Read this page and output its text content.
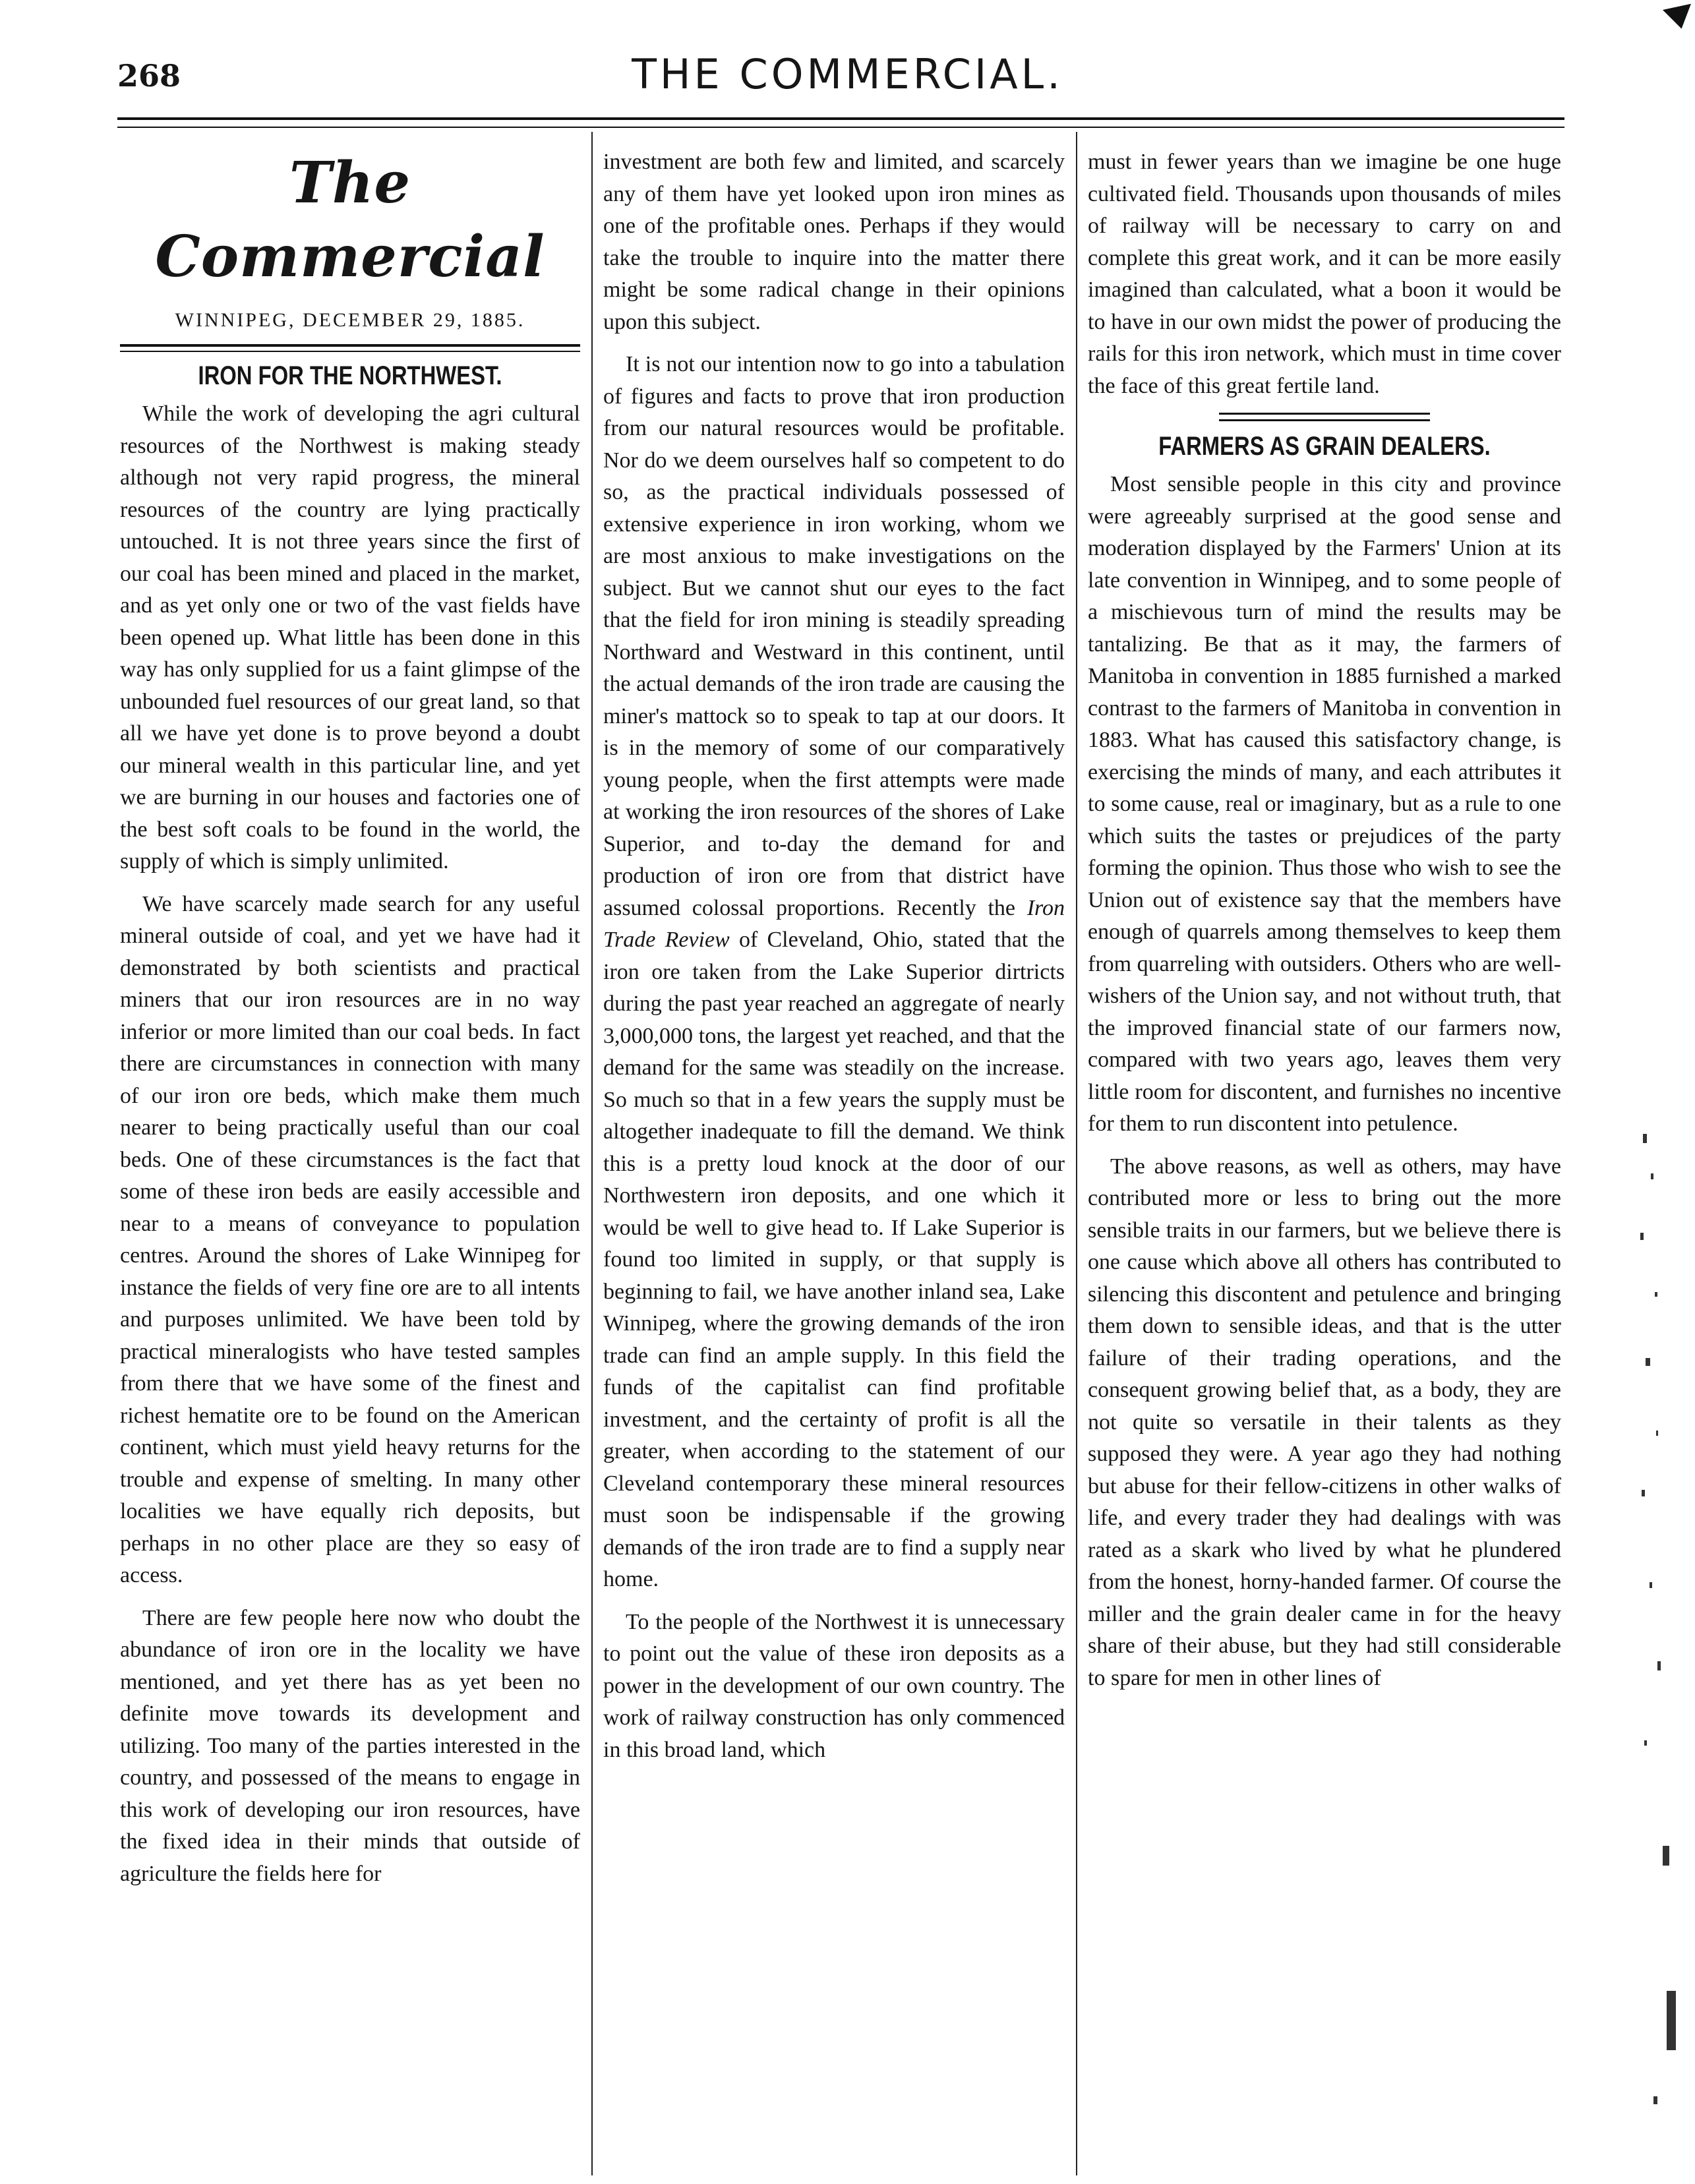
268	THE COMMERCIAL.
The Commercial
WINNIPEG, DECEMBER 29, 1885.
IRON FOR THE NORTHWEST.

While the work of developing the agri cultural resources of the Northwest is making steady although not very rapid progress, the mineral resources of the country are lying practically untouched. It is not three years since the first of our coal has been mined and placed in the market, and as yet only one or two of the vast fields have been opened up. What little has been done in this way has only supplied for us a faint glimpse of the unbounded fuel resources of our great land, so that all we have yet done is to prove beyond a doubt our mineral wealth in this particular line, and yet we are burning in our houses and factories one of the best soft coals to be found in the world, the supply of which is simply unlimited.

We have scarcely made search for any useful mineral outside of coal, and yet we have had it demonstrated by both scientists and practical miners that our iron resources are in no way inferior or more limited than our coal beds. In fact there are circumstances in connection with many of our iron ore beds, which make them much nearer to being practically useful than our coal beds. One of these circumstances is the fact that some of these iron beds are easily accessible and near to a means of conveyance to population centres. Around the shores of Lake Winnipeg for instance the fields of very fine ore are to all intents and purposes unlimited. We have been told by practical mineralogists who have tested samples from there that we have some of the finest and richest hematite ore to be found on the American continent, which must yield heavy returns for the trouble and expense of smelting. In many other localities we have equally rich deposits, but perhaps in no other place are they so easy of access.

There are few people here now who doubt the abundance of iron ore in the locality we have mentioned, and yet there has as yet been no definite move towards its development and utilizing. Too many of the parties interested in the country, and possessed of the means to engage in this work of developing our iron resources, have the fixed idea in their minds that outside of agriculture the fields here for

investment are both few and limited, and scarcely any of them have yet looked upon iron mines as one of the profitable ones. Perhaps if they would take the trouble to inquire into the matter there might be some radical change in their opinions upon this subject.

It is not our intention now to go into a tabulation of figures and facts to prove that iron production from our natural resources would be profitable. Nor do we deem ourselves half so competent to do so, as the practical individuals possessed of extensive experience in iron working, whom we are most anxious to make investigations on the subject. But we cannot shut our eyes to the fact that the field for iron mining is steadily spreading Northward and Westward in this continent, until the actual demands of the iron trade are causing the miner's mattock so to speak to tap at our doors. It is in the memory of some of our comparatively young people, when the first attempts were made at working the iron resources of the shores of Lake Superior, and to-day the demand for and production of iron ore from that district have assumed colossal proportions. Recently the Iron Trade Review of Cleveland, Ohio, stated that the iron ore taken from the Lake Superior dirtricts during the past year reached an aggregate of nearly 3,000,000 tons, the largest yet reached, and that the demand for the same was steadily on the increase. So much so that in a few years the supply must be altogether inadequate to fill the demand. We think this is a pretty loud knock at the door of our Northwestern iron deposits, and one which it would be well to give head to. If Lake Superior is found too limited in supply, or that supply is beginning to fail, we have another inland sea, Lake Winnipeg, where the growing demands of the iron trade can find an ample supply. In this field the funds of the capitalist can find profitable investment, and the certainty of profit is all the greater, when according to the statement of our Cleveland contemporary these mineral resources must soon be indispensable if the growing demands of the iron trade are to find a supply near home.

To the people of the Northwest it is unnecessary to point out the value of these iron deposits as a power in the development of our own country. The work of railway construction has only commenced in this broad land, which

must in fewer years than we imagine be one huge cultivated field. Thousands upon thousands of miles of railway will be necessary to carry on and complete this great work, and it can be more easily imagined than calculated, what a boon it would be to have in our own midst the power of producing the rails for this iron network, which must in time cover the face of this great fertile land.

FARMERS AS GRAIN DEALERS.

Most sensible people in this city and province were agreeably surprised at the good sense and moderation displayed by the Farmers' Union at its late convention in Winnipeg, and to some people of a mischievous turn of mind the results may be tantalizing. Be that as it may, the farmers of Manitoba in convention in 1885 furnished a marked contrast to the farmers of Manitoba in convention in 1883. What has caused this satisfactory change, is exercising the minds of many, and each attributes it to some cause, real or imaginary, but as a rule to one which suits the tastes or prejudices of the party forming the opinion. Thus those who wish to see the Union out of existence say that the members have enough of quarrels among themselves to keep them from quarreling with outsiders. Others who are well-wishers of the Union say, and not without truth, that the improved financial state of our farmers now, compared with two years ago, leaves them very little room for discontent, and furnishes no incentive for them to run discontent into petulence.

The above reasons, as well as others, may have contributed more or less to bring out the more sensible traits in our farmers, but we believe there is one cause which above all others has contributed to silencing this discontent and petulence and bringing them down to sensible ideas, and that is the utter failure of their trading operations, and the consequent growing belief that, as a body, they are not quite so versatile in their talents as they supposed they were. A year ago they had nothing but abuse for their fellow-citizens in other walks of life, and every trader they had dealings with was rated as a skark who lived by what he plundered from the honest, horny-handed farmer. Of course the miller and the grain dealer came in for the heavy share of their abuse, but they had still considerable to spare for men in other lines of
